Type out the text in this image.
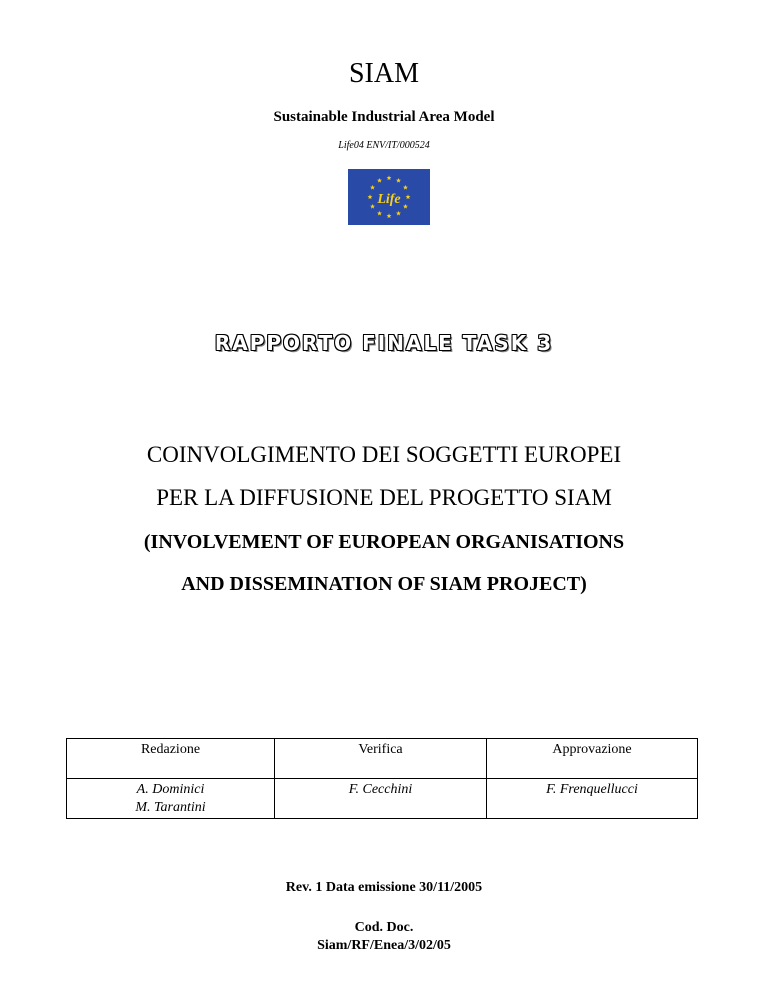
SIAM
Sustainable Industrial Area Model
Life04 ENV/IT/000524
Life
RAPPORTO FINALE TASK 3
COINVOLGIMENTO DEI SOGGETTI EUROPEI
PER LA DIFFUSIONE DEL PROGETTO SIAM
(INVOLVEMENT OF EUROPEAN ORGANISATIONS
AND DISSEMINATION OF SIAM PROJECT)
Redazione	Verifica	Approvazione

A. Dominici
M. Tarantini	F. Cecchini	F. Frenquellucci
Rev. 1 Data emissione 30/11/2005
Cod. Doc.
Siam/RF/Enea/3/02/05
